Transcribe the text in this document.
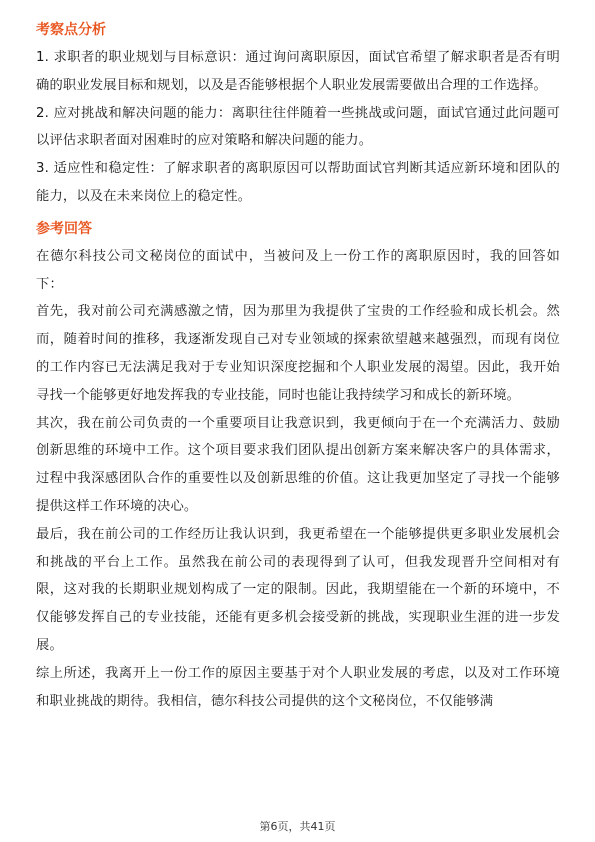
考察点分析

1. 求职者的职业规划与目标意识：通过询问离职原因，面试官希望了解求职者是否有明确的职业发展目标和规划，以及是否能够根据个人职业发展需要做出合理的工作选择。

2. 应对挑战和解决问题的能力：离职往往伴随着一些挑战或问题，面试官通过此问题可以评估求职者面对困难时的应对策略和解决问题的能力。

3. 适应性和稳定性：了解求职者的离职原因可以帮助面试官判断其适应新环境和团队的能力，以及在未来岗位上的稳定性。

参考回答

在德尔科技公司文秘岗位的面试中，当被问及上一份工作的离职原因时，我的回答如下：

首先，我对前公司充满感激之情，因为那里为我提供了宝贵的工作经验和成长机会。然而，随着时间的推移，我逐渐发现自己对专业领域的探索欲望越来越强烈，而现有岗位的工作内容已无法满足我对于专业知识深度挖掘和个人职业发展的渴望。因此，我开始寻找一个能够更好地发挥我的专业技能，同时也能让我持续学习和成长的新环境。

其次，我在前公司负责的一个重要项目让我意识到，我更倾向于在一个充满活力、鼓励创新思维的环境中工作。这个项目要求我们团队提出创新方案来解决客户的具体需求，过程中我深感团队合作的重要性以及创新思维的价值。这让我更加坚定了寻找一个能够提供这样工作环境的决心。

最后，我在前公司的工作经历让我认识到，我更希望在一个能够提供更多职业发展机会和挑战的平台上工作。虽然我在前公司的表现得到了认可，但我发现晋升空间相对有限，这对我的长期职业规划构成了一定的限制。因此，我期望能在一个新的环境中，不仅能够发挥自己的专业技能，还能有更多机会接受新的挑战，实现职业生涯的进一步发展。

综上所述，我离开上一份工作的原因主要基于对个人职业发展的考虑，以及对工作环境和职业挑战的期待。我相信，德尔科技公司提供的这个文秘岗位，不仅能够满

第6页，共41页
